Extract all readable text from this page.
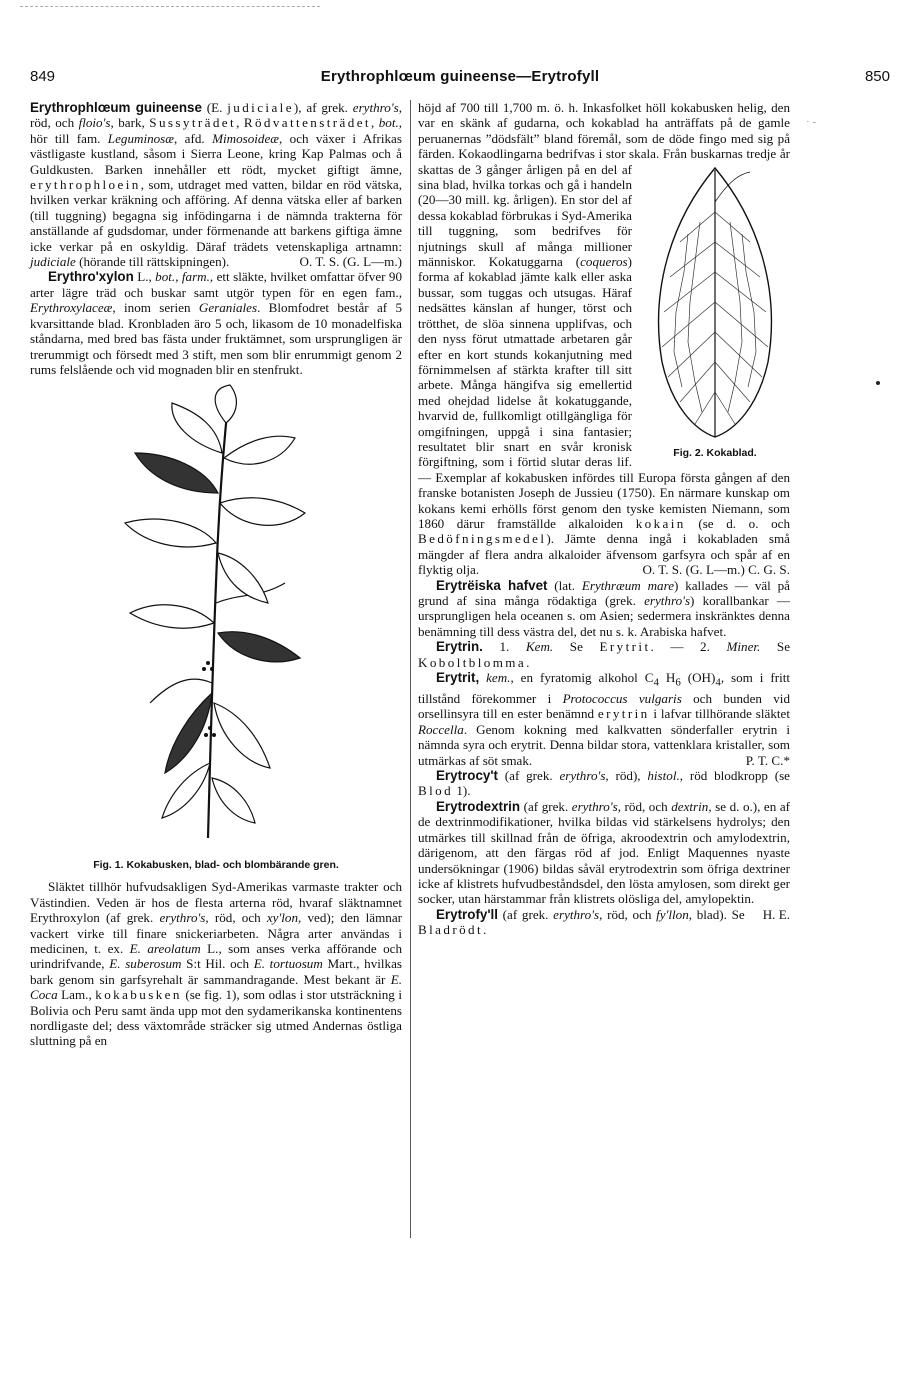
849	Erythrophlœum guineense—Erytrofyll	850
· -

Erythrophlœum guineense (E. judiciale), af grek. erythro's, röd, och floio's, bark, Sussyträdet, Rödvattensträdet, bot., hör till fam. Leguminosæ, afd. Mimosoideæ, och växer i Afrikas västligaste kustland, såsom i Sierra Leone, kring Kap Palmas och å Guldkusten. Barken innehåller ett rödt, mycket giftigt ämne, erythrophloein, som, utdraget med vatten, bildar en röd vätska, hvilken verkar kräkning och afföring. Af denna vätska eller af barken (till tuggning) begagna sig infödingarna i de nämnda trakterna för anställande af gudsdomar, under förmenande att barkens giftiga ämne icke verkar på en oskyldig. Däraf trädets vetenskapliga artnamn: judiciale (hörande till rättskipningen).	O. T. S. (G. L—m.)

Erythro'xylon L., bot., farm., ett släkte, hvilket omfattar öfver 90 arter lägre träd och buskar samt utgör typen för en egen fam., Erythroxylaceæ, inom serien Geraniales. Blomfodret består af 5 kvarsittande blad. Kronbladen äro 5 och, likasom de 10 monadelfiska ståndarna, med bred bas fästa under fruktämnet, som ursprungligen är trerummigt och försedt med 3 stift, men som blir enrummigt genom 2 rums felslående och vid mognaden blir en stenfrukt.

Fig. 1. Kokabusken, blad- och blombärande gren.

Släktet tillhör hufvudsakligen Syd-Amerikas varmaste trakter och Västindien. Veden är hos de flesta arterna röd, hvaraf släktnamnet Erythroxylon (af grek. erythro's, röd, och xy'lon, ved); den lämnar vackert virke till finare snickeriarbeten. Några arter användas i medicinen, t. ex. E. areolatum L., som anses verka afförande och urindrifvande, E. suberosum S:t Hil. och E. tortuosum Mart., hvilkas bark genom sin garfsyrehalt är sammandragande. Mest bekant är E. Coca Lam., kokabusken (se fig. 1), som odlas i stor utsträckning i Bolivia och Peru samt ända upp mot den sydamerikanska kontinentens nordligaste del; dess växtområde sträcker sig utmed Andernas östliga sluttning på en

höjd af 700 till 1,700 m. ö. h. Inkasfolket höll kokabusken helig, den var en skänk af gudarna, och kokablad ha anträffats på de gamle peruanernas ”dödsfält” bland föremål, som de döde fingo med sig på färden. Kokaodlingarna bedrifvas i stor skala.
Fig. 2. Kokablad.
Från buskarnas tredje år skattas de 3 gånger årligen på en del af sina blad, hvilka torkas och gå i handeln (20—30 mill. kg. årligen). En stor del af dessa kokablad förbrukas i Syd-Amerika till tuggning, som bedrifves för njutnings skull af många millioner människor. Kokatuggarna (coqueros) forma af kokablad jämte kalk eller aska bussar, som tuggas och utsugas. Häraf nedsättes känslan af hunger, törst och trötthet, de slöa sinnena upplifvas, och den nyss förut utmattade arbetaren går efter en kort stunds kokanjutning med förnimmelsen af stärkta krafter till sitt arbete. Många hängifva sig emellertid med ohejdad lidelse åt kokatuggande, hvarvid de, fullkomligt otillgängliga för omgifningen, uppgå i sina fantasier; resultatet blir snart en svår kronisk förgiftning, som i förtid slutar deras lif. — Exemplar af kokabusken infördes till Europa första gången af den franske botanisten Joseph de Jussieu (1750). En närmare kunskap om kokans kemi erhölls först genom den tyske kemisten Niemann, som 1860 därur framställde alkaloiden kokain (se d. o. och Bedöfningsmedel). Jämte denna ingå i kokabladen små mängder af flera andra alkaloider äfvensom garfsyra och spår af en flyktig olja.	O. T. S. (G. L—m.) C. G. S.

Erytrëiska hafvet (lat. Erythræum mare) kallades — väl på grund af sina många rödaktiga (grek. erythro's) korallbankar — ursprungligen hela oceanen s. om Asien; sedermera inskränktes denna benämning till dess västra del, det nu s. k. Arabiska hafvet.

Erytrin. 1. Kem. Se Erytrit. — 2. Miner. Se Koboltblomma.

Erytrit, kem., en fyratomig alkohol $C_4$ $H_6$ $(OH)_4$, som i fritt tillstånd förekommer i Protococcus vulgaris och bunden vid orsellinsyra till en ester benämnd erytrin i lafvar tillhörande släktet Roccella. Genom kokning med kalkvatten sönderfaller erytrin i nämnda syra och erytrit. Denna bildar stora, vattenklara kristaller, som utmärkas af söt smak.	P. T. C.*

Erytrocy't (af grek. erythro's, röd), histol., röd blodkropp (se Blod 1).

Erytrodextrin (af grek. erythro's, röd, och dextrin, se d. o.), en af de dextrinmodifikationer, hvilka bildas vid stärkelsens hydrolys; den utmärkes till skillnad från de öfriga, akroodextrin och amylodextrin, därigenom, att den färgas röd af jod. Enligt Maquennes nyaste undersökningar (1906) bildas såväl erytrodextrin som öfriga dextriner icke af klistrets hufvudbeståndsdel, den lösta amylosen, som direkt ger socker, utan härstammar från klistrets olösliga del, amylopektin.
H. E.

Erytrofy'll (af grek. erythro's, röd, och fy'llon, blad). Se Bladrödt.
